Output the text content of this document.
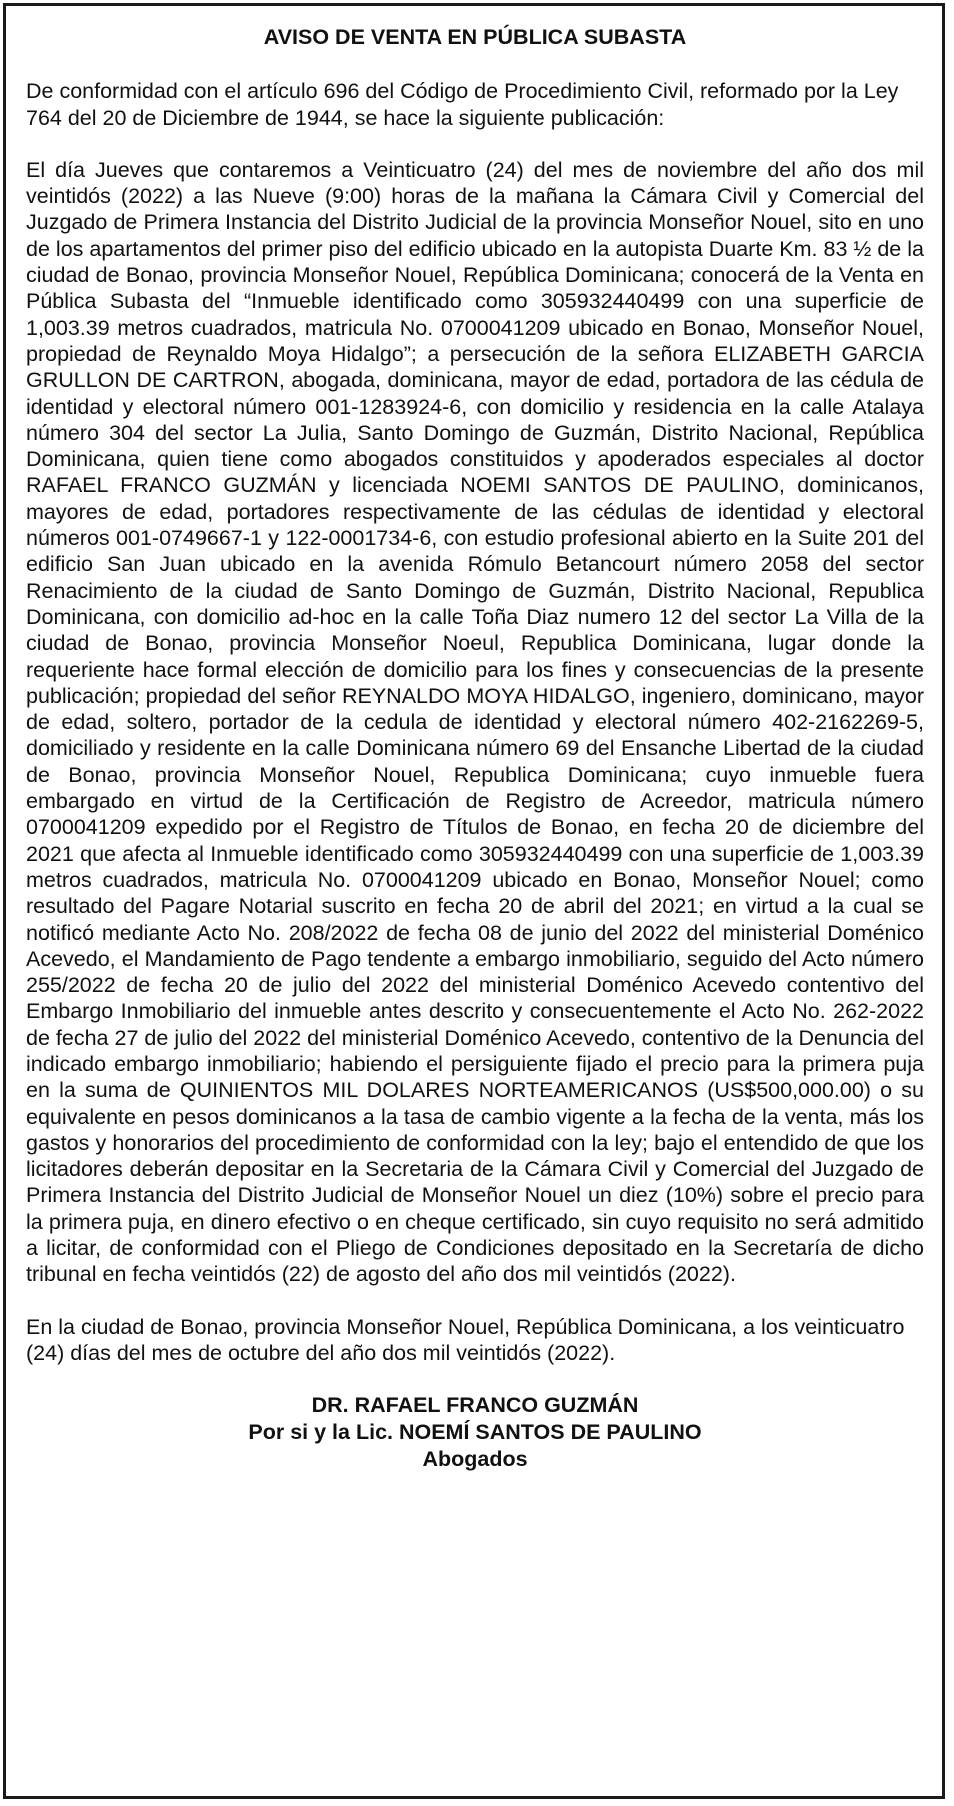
AVISO DE VENTA EN PÚBLICA SUBASTA
De conformidad con el artículo 696 del Código de Procedimiento Civil, reformado por la Ley 764 del 20 de Diciembre de 1944, se hace la siguiente publicación:
El día Jueves que contaremos a Veinticuatro (24) del mes de noviembre del año dos mil veintidós (2022) a las Nueve (9:00) horas de la mañana la Cámara Civil y Comercial del Juzgado de Primera Instancia del Distrito Judicial de la provincia Monseñor Nouel, sito en uno de los apartamentos del primer piso del edificio ubicado en la autopista Duarte Km. 83 ½ de la ciudad de Bonao, provincia Monseñor Nouel, República Dominicana; conocerá de la Venta en Pública Subasta del “Inmueble identificado como 305932440499 con una superficie de 1,003.39 metros cuadrados, matricula No. 0700041209 ubicado en Bonao, Monseñor Nouel, propiedad de Reynaldo Moya Hidalgo”; a persecución de la señora ELIZABETH GARCIA GRULLON DE CARTRON, abogada, dominicana, mayor de edad, portadora de las cédula de identidad y electoral número 001-1283924-6, con domicilio y residencia en la calle Atalaya número 304 del sector La Julia, Santo Domingo de Guzmán, Distrito Nacional, República Dominicana, quien tiene como abogados constituidos y apoderados especiales al doctor RAFAEL FRANCO GUZMÁN y licenciada NOEMI SANTOS DE PAULINO, dominicanos, mayores de edad, portadores respectivamente de las cédulas de identidad y electoral números 001-0749667-1 y 122-0001734-6, con estudio profesional abierto en la Suite 201 del edificio San Juan ubicado en la avenida Rómulo Betancourt número 2058 del sector Renacimiento de la ciudad de Santo Domingo de Guzmán, Distrito Nacional, Republica Dominicana, con domicilio ad-hoc en la calle Toña Diaz numero 12 del sector La Villa de la ciudad de Bonao, provincia Monseñor Noeul, Republica Dominicana, lugar donde la requeriente hace formal elección de domicilio para los fines y consecuencias de la presente publicación; propiedad del señor REYNALDO MOYA HIDALGO, ingeniero, dominicano, mayor de edad, soltero, portador de la cedula de identidad y electoral número 402-2162269-5, domiciliado y residente en la calle Dominicana número 69 del Ensanche Libertad de la ciudad de Bonao, provincia Monseñor Nouel, Republica Dominicana; cuyo inmueble fuera embargado en virtud de la Certificación de Registro de Acreedor, matricula número 0700041209 expedido por el Registro de Títulos de Bonao, en fecha 20 de diciembre del 2021 que afecta al Inmueble identificado como 305932440499 con una superficie de 1,003.39 metros cuadrados, matricula No. 0700041209 ubicado en Bonao, Monseñor Nouel; como resultado del Pagare Notarial suscrito en fecha 20 de abril del 2021; en virtud a la cual se notificó mediante Acto No. 208/2022 de fecha 08 de junio del 2022 del ministerial Doménico Acevedo, el Mandamiento de Pago tendente a embargo inmobiliario, seguido del Acto número 255/2022 de fecha 20 de julio del 2022 del ministerial Doménico Acevedo contentivo del Embargo Inmobiliario del inmueble antes descrito y consecuentemente el Acto No. 262-2022 de fecha 27 de julio del 2022 del ministerial Doménico Acevedo, contentivo de la Denuncia del indicado embargo inmobiliario; habiendo el persiguiente fijado el precio para la primera puja en la suma de QUINIENTOS MIL DOLARES NORTEAMERICANOS (US$500,000.00) o su equivalente en pesos dominicanos a la tasa de cambio vigente a la fecha de la venta, más los gastos y honorarios del procedimiento de conformidad con la ley; bajo el entendido de que los licitadores deberán depositar en la Secretaria de la Cámara Civil y Comercial del Juzgado de Primera Instancia del Distrito Judicial de Monseñor Nouel un diez (10%) sobre el precio para la primera puja, en dinero efectivo o en cheque certificado, sin cuyo requisito no será admitido a licitar, de conformidad con el Pliego de Condiciones depositado en la Secretaría de dicho tribunal en fecha veintidós (22) de agosto del año dos mil veintidós (2022).
En la ciudad de Bonao, provincia Monseñor Nouel, República Dominicana, a los veinticuatro (24) días del mes de octubre del año dos mil veintidós (2022).
DR. RAFAEL FRANCO GUZMÁN
Por si y la Lic. NOEMÍ SANTOS DE PAULINO
Abogados
